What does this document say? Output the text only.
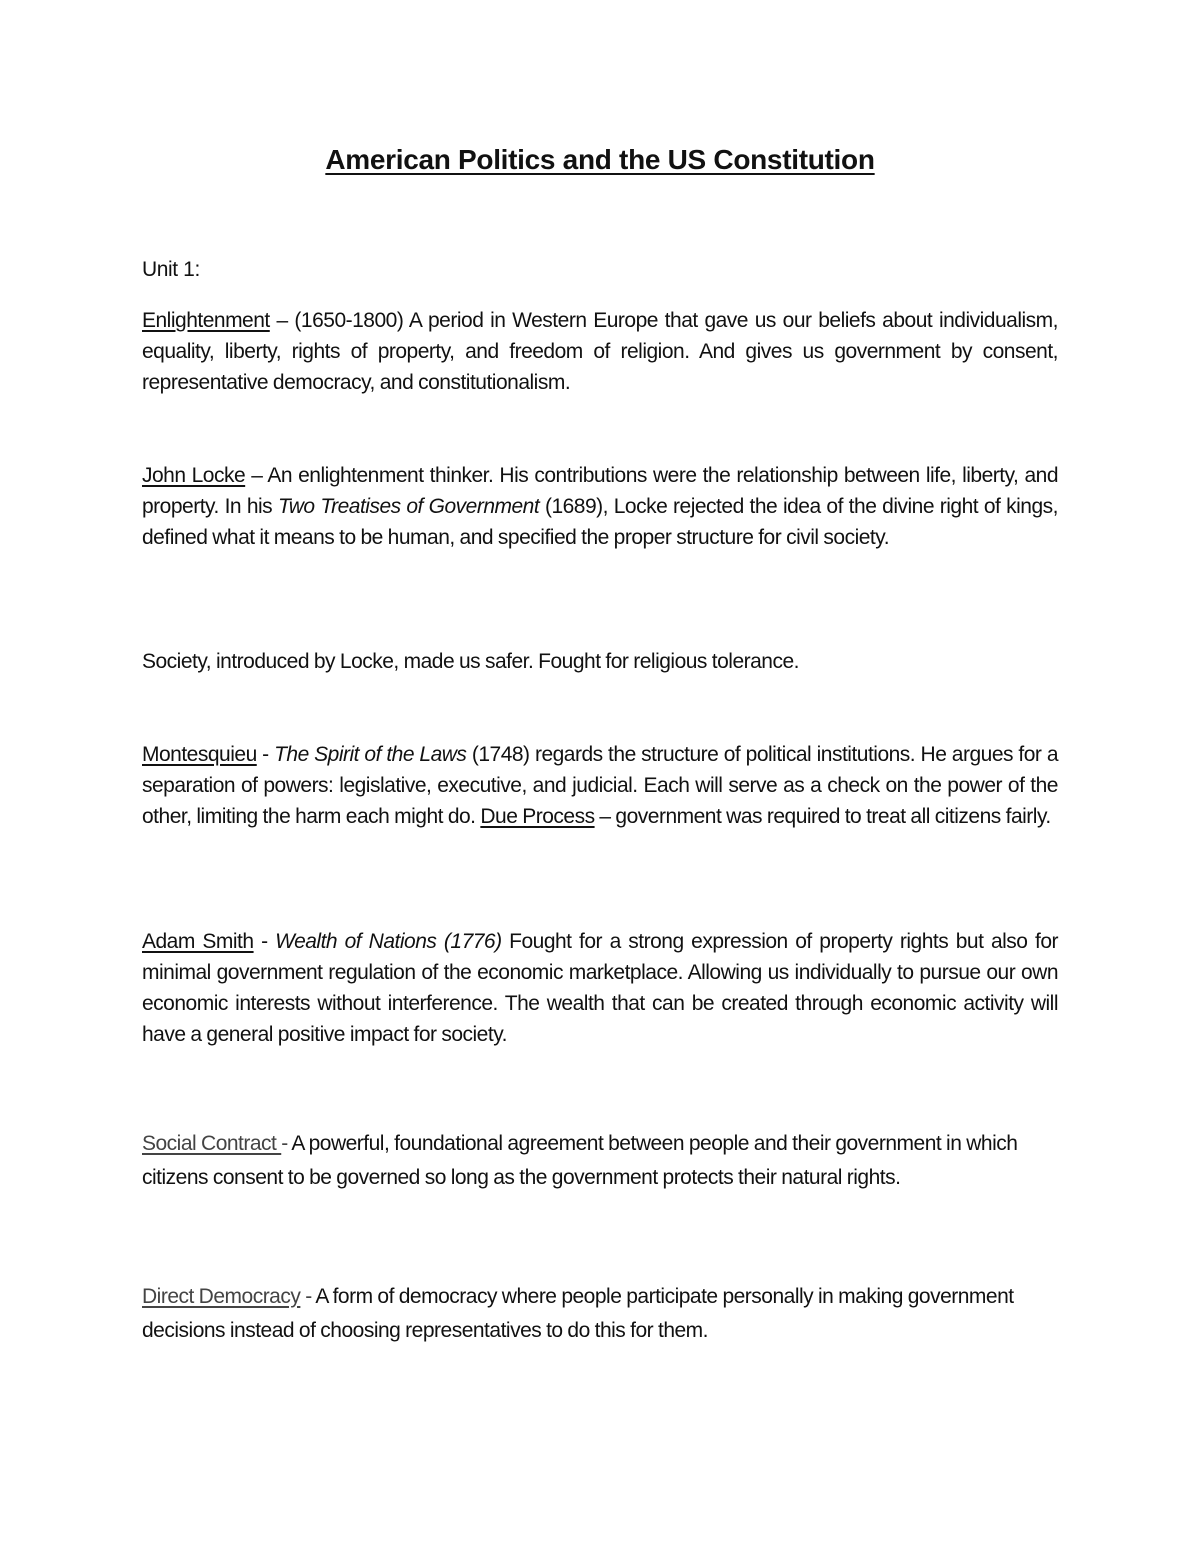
American Politics and the US Constitution
Unit 1:

Enlightenment – (1650-1800) A period in Western Europe that gave us our beliefs about individualism, equality, liberty, rights of property, and freedom of religion. And gives us government by consent, representative democracy, and constitutionalism.

John Locke – An enlightenment thinker. His contributions were the relationship between life, liberty, and property. In his Two Treatises of Government (1689), Locke rejected the idea of the divine right of kings, defined what it means to be human, and specified the proper structure for civil society.

Society, introduced by Locke, made us safer. Fought for religious tolerance.

Montesquieu - The Spirit of the Laws (1748) regards the structure of political institutions. He argues for a separation of powers: legislative, executive, and judicial. Each will serve as a check on the power of the other, limiting the harm each might do. Due Process – government was required to treat all citizens fairly.

Adam Smith - Wealth of Nations (1776) Fought for a strong expression of property rights but also for minimal government regulation of the economic marketplace. Allowing us individually to pursue our own economic interests without interference. The wealth that can be created through economic activity will have a general positive impact for society.

Social Contract - A powerful, foundational agreement between people and their government in which citizens consent to be governed so long as the government protects their natural rights.

Direct Democracy - A form of democracy where people participate personally in making government decisions instead of choosing representatives to do this for them.
